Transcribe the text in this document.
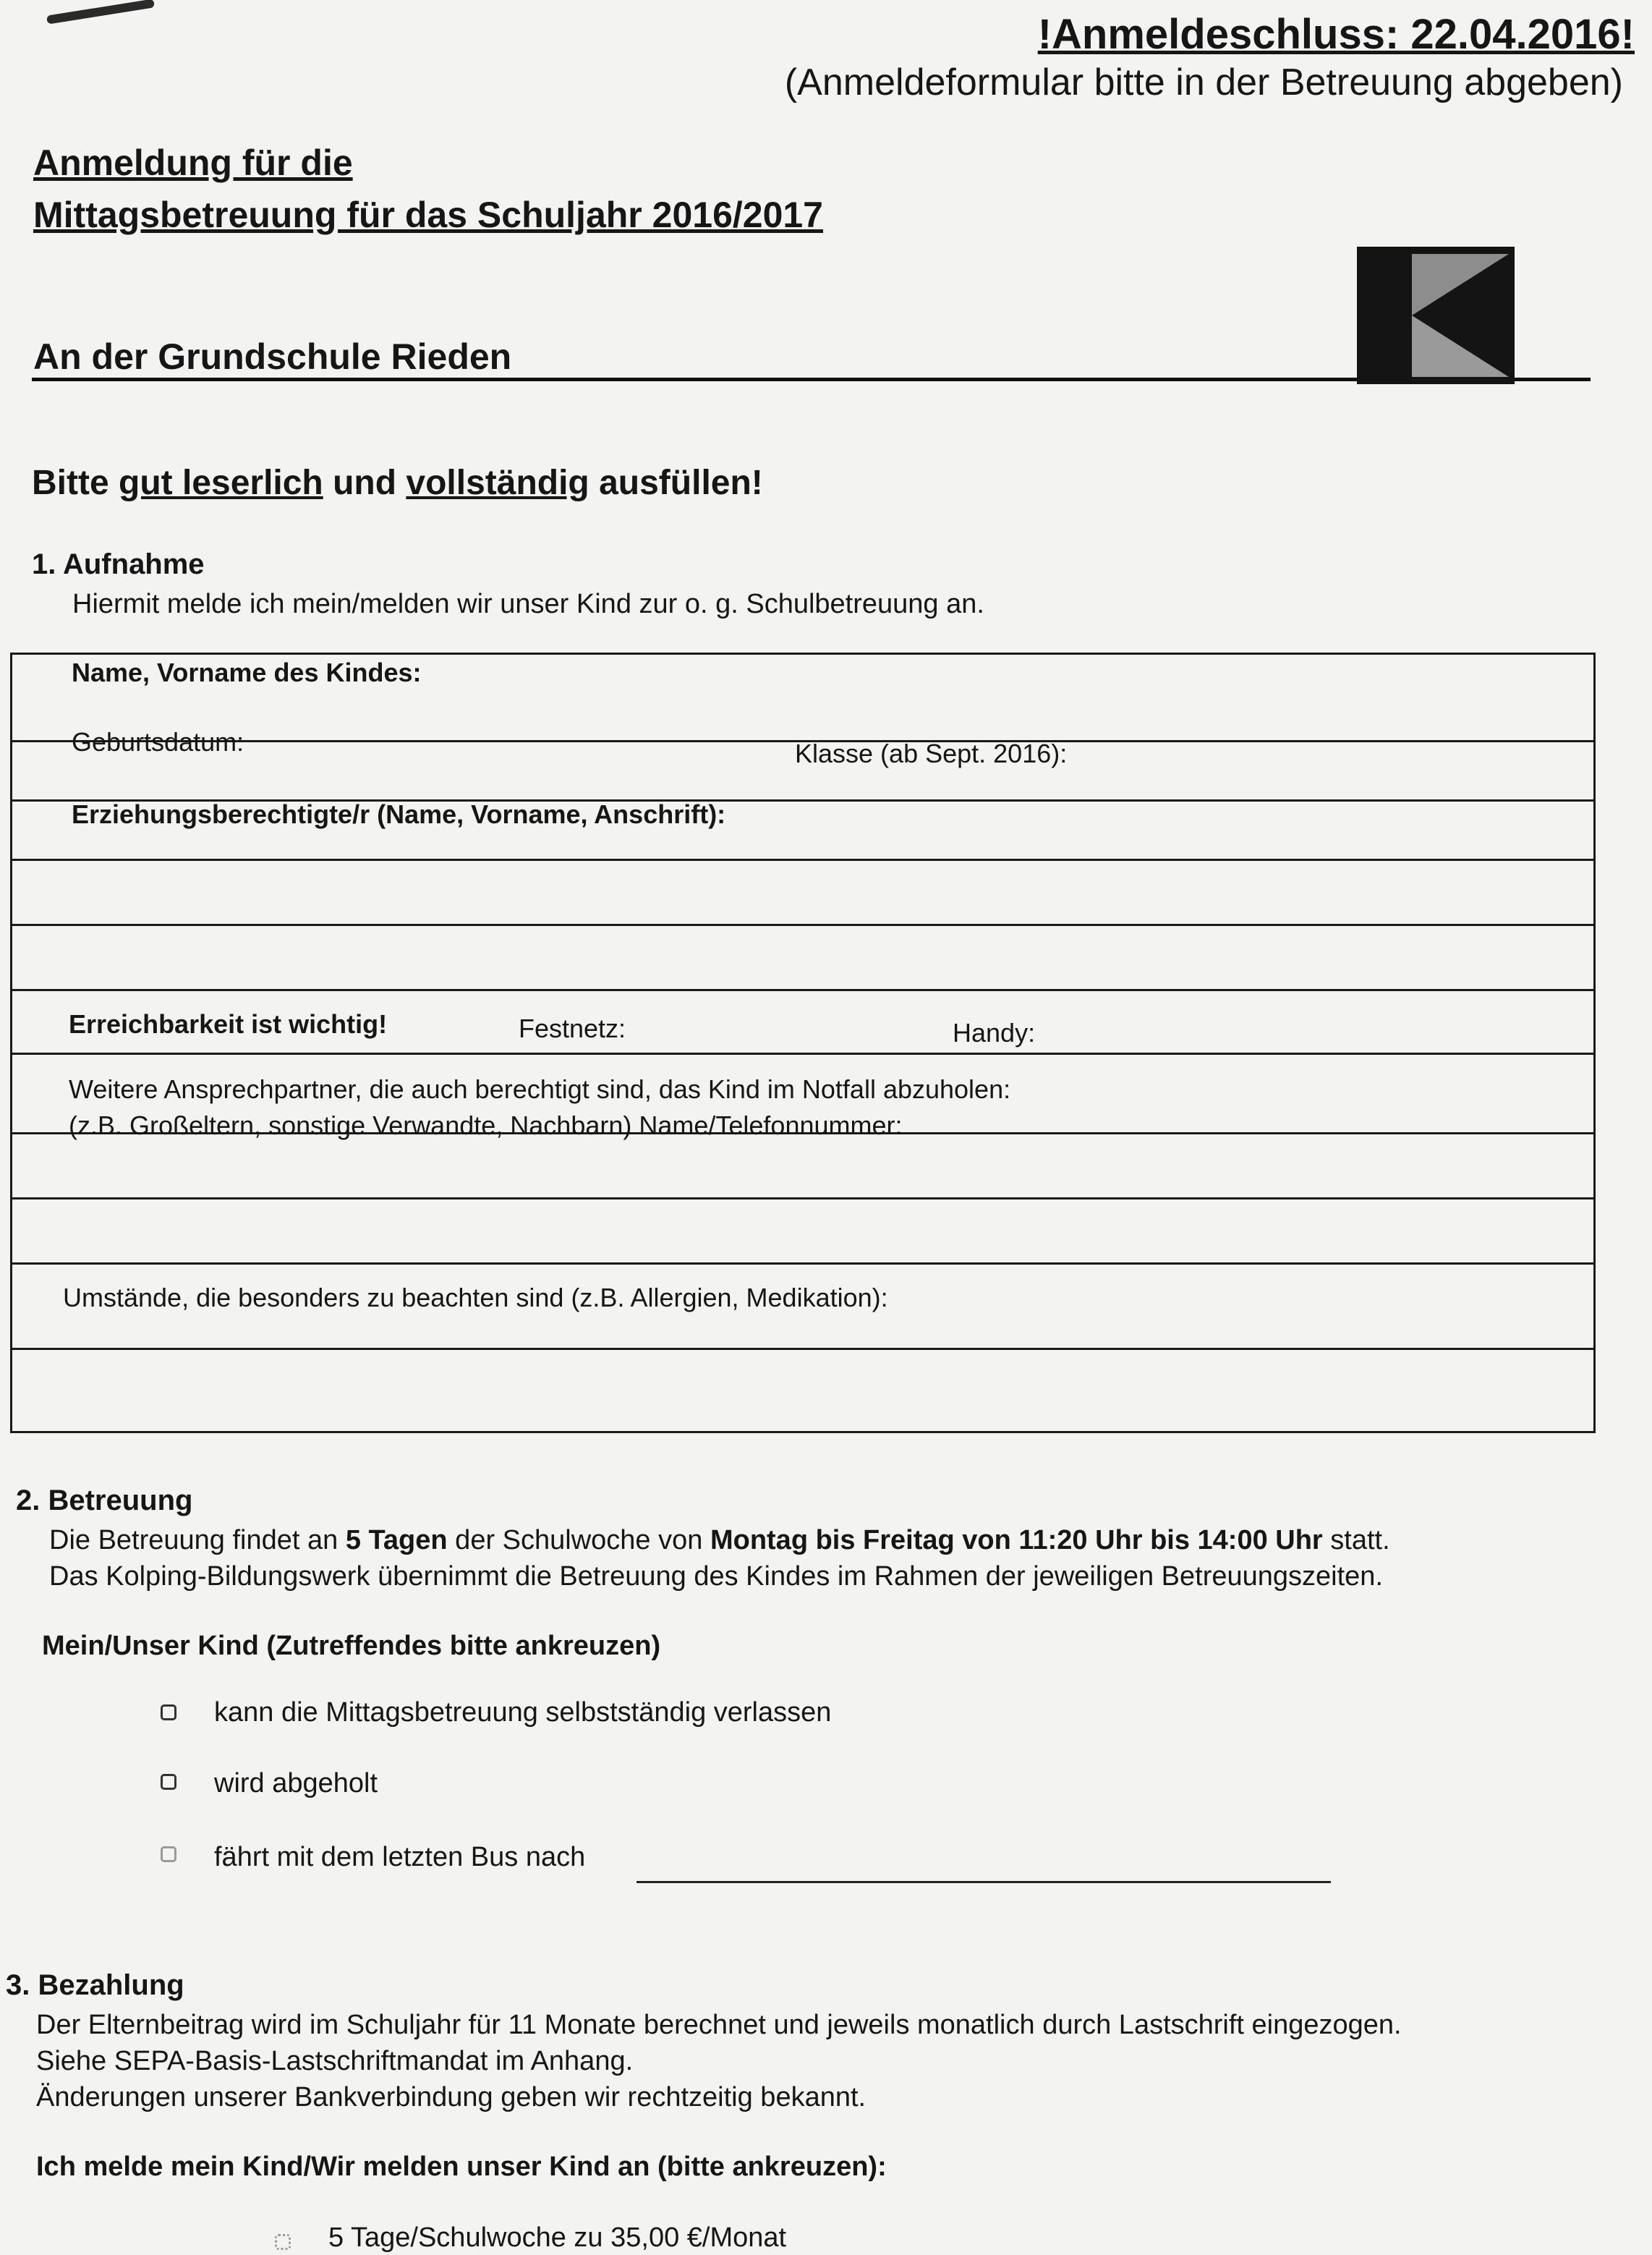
!Anmeldeschluss: 22.04.2016!
(Anmeldeformular bitte in der Betreuung abgeben)
Anmeldung für die
Mittagsbetreuung für das Schuljahr 2016/2017
An der Grundschule Rieden
Bitte gut leserlich und vollständig ausfüllen!
1. Aufnahme
Hiermit melde ich mein/melden wir unser Kind zur o. g. Schulbetreuung an.
Name, Vorname des Kindes:
Geburtsdatum:	Klasse (ab Sept. 2016):
Erziehungsberechtigte/r (Name, Vorname, Anschrift):
Erreichbarkeit ist wichtig!	Festnetz:	Handy:
Weitere Ansprechpartner, die auch berechtigt sind, das Kind im Notfall abzuholen:
(z.B. Großeltern, sonstige Verwandte, Nachbarn) Name/Telefonnummer:
Umstände, die besonders zu beachten sind (z.B. Allergien, Medikation):
2. Betreuung
Die Betreuung findet an 5 Tagen der Schulwoche von Montag bis Freitag von 11:20 Uhr bis 14:00 Uhr statt.
Das Kolping-Bildungswerk übernimmt die Betreuung des Kindes im Rahmen der jeweiligen Betreuungszeiten.
Mein/Unser Kind (Zutreffendes bitte ankreuzen)
kann die Mittagsbetreuung selbstständig verlassen
wird abgeholt
fährt mit dem letzten Bus nach
3. Bezahlung
Der Elternbeitrag wird im Schuljahr für 11 Monate berechnet und jeweils monatlich durch Lastschrift eingezogen.
Siehe SEPA-Basis-Lastschriftmandat im Anhang.
Änderungen unserer Bankverbindung geben wir rechtzeitig bekannt.
Ich melde mein Kind/Wir melden unser Kind an (bitte ankreuzen):
5 Tage/Schulwoche zu 35,00 €/Monat
